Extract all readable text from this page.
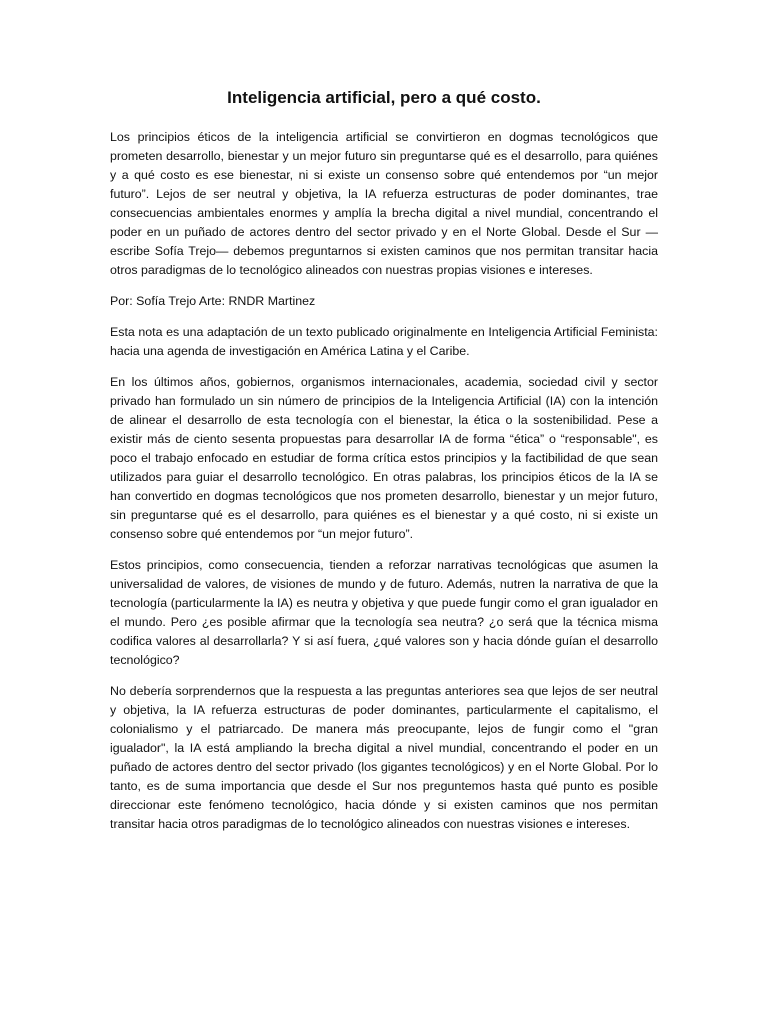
Inteligencia artificial, pero a qué costo.

Los principios éticos de la inteligencia artificial se convirtieron en dogmas tecnológicos que prometen desarrollo, bienestar y un mejor futuro sin preguntarse qué es el desarrollo, para quiénes y a qué costo es ese bienestar, ni si existe un consenso sobre qué entendemos por “un mejor futuro”. Lejos de ser neutral y objetiva, la IA refuerza estructuras de poder dominantes, trae consecuencias ambientales enormes y amplía la brecha digital a nivel mundial, concentrando el poder en un puñado de actores dentro del sector privado y en el Norte Global. Desde el Sur —escribe Sofía Trejo— debemos preguntarnos si existen caminos que nos permitan transitar hacia otros paradigmas de lo tecnológico alineados con nuestras propias visiones e intereses.

Por: Sofía Trejo Arte: RNDR Martinez

Esta nota es una adaptación de un texto publicado originalmente en Inteligencia Artificial Feminista: hacia una agenda de investigación en América Latina y el Caribe.

En los últimos años, gobiernos, organismos internacionales, academia, sociedad civil y sector privado han formulado un sin número de principios de la Inteligencia Artificial (IA) con la intención de alinear el desarrollo de esta tecnología con el bienestar, la ética o la sostenibilidad. Pese a existir más de ciento sesenta propuestas para desarrollar IA de forma “ética” o “responsable", es poco el trabajo enfocado en estudiar de forma crítica estos principios y la factibilidad de que sean utilizados para guiar el desarrollo tecnológico. En otras palabras, los principios éticos de la IA se han convertido en dogmas tecnológicos que nos prometen desarrollo, bienestar y un mejor futuro, sin preguntarse qué es el desarrollo, para quiénes es el bienestar y a qué costo, ni si existe un consenso sobre qué entendemos por “un mejor futuro”.

Estos principios, como consecuencia, tienden a reforzar narrativas tecnológicas que asumen la universalidad de valores, de visiones de mundo y de futuro. Además, nutren la narrativa de que la tecnología (particularmente la IA) es neutra y objetiva y que puede fungir como el gran igualador en el mundo. Pero ¿es posible afirmar que la tecnología sea neutra? ¿o será que la técnica misma codifica valores al desarrollarla? Y si así fuera, ¿qué valores son y hacia dónde guían el desarrollo tecnológico?

No debería sorprendernos que la respuesta a las preguntas anteriores sea que lejos de ser neutral y objetiva, la IA refuerza estructuras de poder dominantes, particularmente el capitalismo, el colonialismo y el patriarcado. De manera más preocupante, lejos de fungir como el "gran igualador", la IA está ampliando la brecha digital a nivel mundial, concentrando el poder en un puñado de actores dentro del sector privado (los gigantes tecnológicos) y en el Norte Global. Por lo tanto, es de suma importancia que desde el Sur nos preguntemos hasta qué punto es posible direccionar este fenómeno tecnológico, hacia dónde y si existen caminos que nos permitan transitar hacia otros paradigmas de lo tecnológico alineados con nuestras visiones e intereses.
